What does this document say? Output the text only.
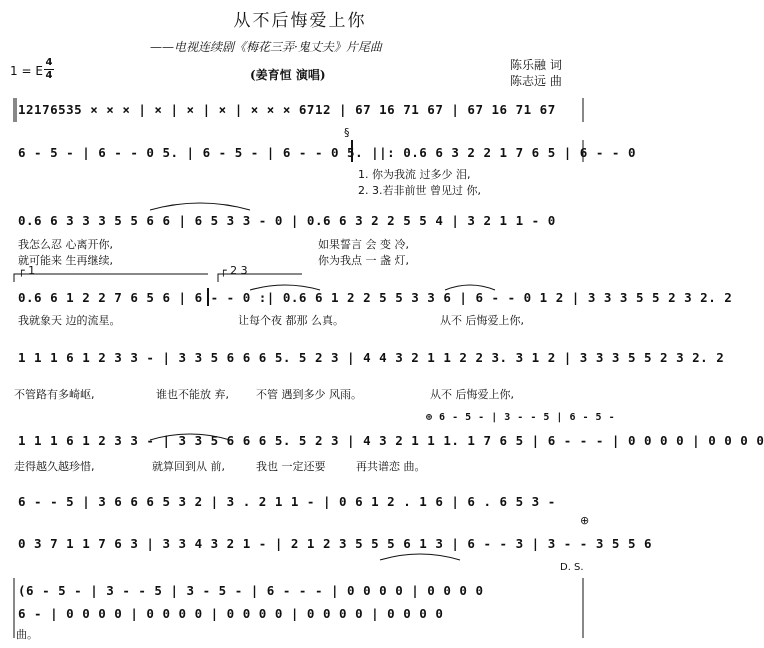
从不后悔爱上你
——电视连续剧《梅花三弄·鬼丈夫》片尾曲
1 = E
4
4	(姜育恒 演唱)
陈乐融 词
陈志远 曲
12176535 × × × | × | × | × | × × × 6712 | 67 16 71 67 | 67 16 71 67
§
6 - 5 - | 6 - - 0 5. | 6 - 5 - | 6 - - 0 5. ||: 0.6 6 3 2 2 1 7 6 5 | 6 - - 0
1. 你为我流 过多少 泪,
2. 3.若非前世 曾见过 你,
0.6 6 3 3 3 5 5 6 6 | 6 5 3 3 - 0 | 0.6 6 3 2 2 5 5 4 | 3 2 1 1 - 0
我怎么忍 心离开你,
就可能来 生再继续,
如果誓言 会 变 冷,
你为我点 一 盏 灯,
┌ 1	┌ 2 3
0.6 6 1 2 2 7 6 5 6 | 6 - - 0 :| 0.6 6 1 2 2 5 5 3 3 6 | 6 - - 0 1 2 | 3 3 3 5 5 2 3 2. 2
我就象天 边的流星。	让每个夜 都那 么真。	从不 后悔爱上你,
1 1 1 6 1 2 3 3 - | 3 3 5 6 6 6 5. 5 2 3 | 4 4 3 2 1 1 2 2 3. 3 1 2 | 3 3 3 5 5 2 3 2. 2
不管路有多崎岖,	谁也不能放 弃, 不管 遇到多少 风雨。	从不 后悔爱上你,
⊕ 6 - 5 - | 3 - - 5 | 6 - 5 -
1 1 1 6 1 2 3 3 - | 3 3 5 6 6 6 5. 5 2 3 | 4 3 2 1 1 1. 1 7 6 5 | 6 - - - | 0 0 0 0 | 0 0 0 0
走得越久越珍惜,	就算回到从 前,	我也 一定还要	再共谱恋 曲。
6 - - 5 | 3 6 6 6 5 3 2 | 3 . 2 1 1 - | 0 6 1 2 . 1 6 | 6 . 6 5 3 -
⊕
0 3 7 1 1 7 6 3 | 3 3 4 3 2 1 - | 2 1 2 3 5 5 5 6 1 3 | 6 - - 3 | 3 - - 3 5 5 6
D. S.
(6 - 5 - | 3 - - 5 | 3 - 5 - | 6 - - - | 0 0 0 0 | 0 0 0 0
6 - | 0 0 0 0 | 0 0 0 0 | 0 0 0 0 | 0 0 0 0 | 0 0 0 0
曲。
